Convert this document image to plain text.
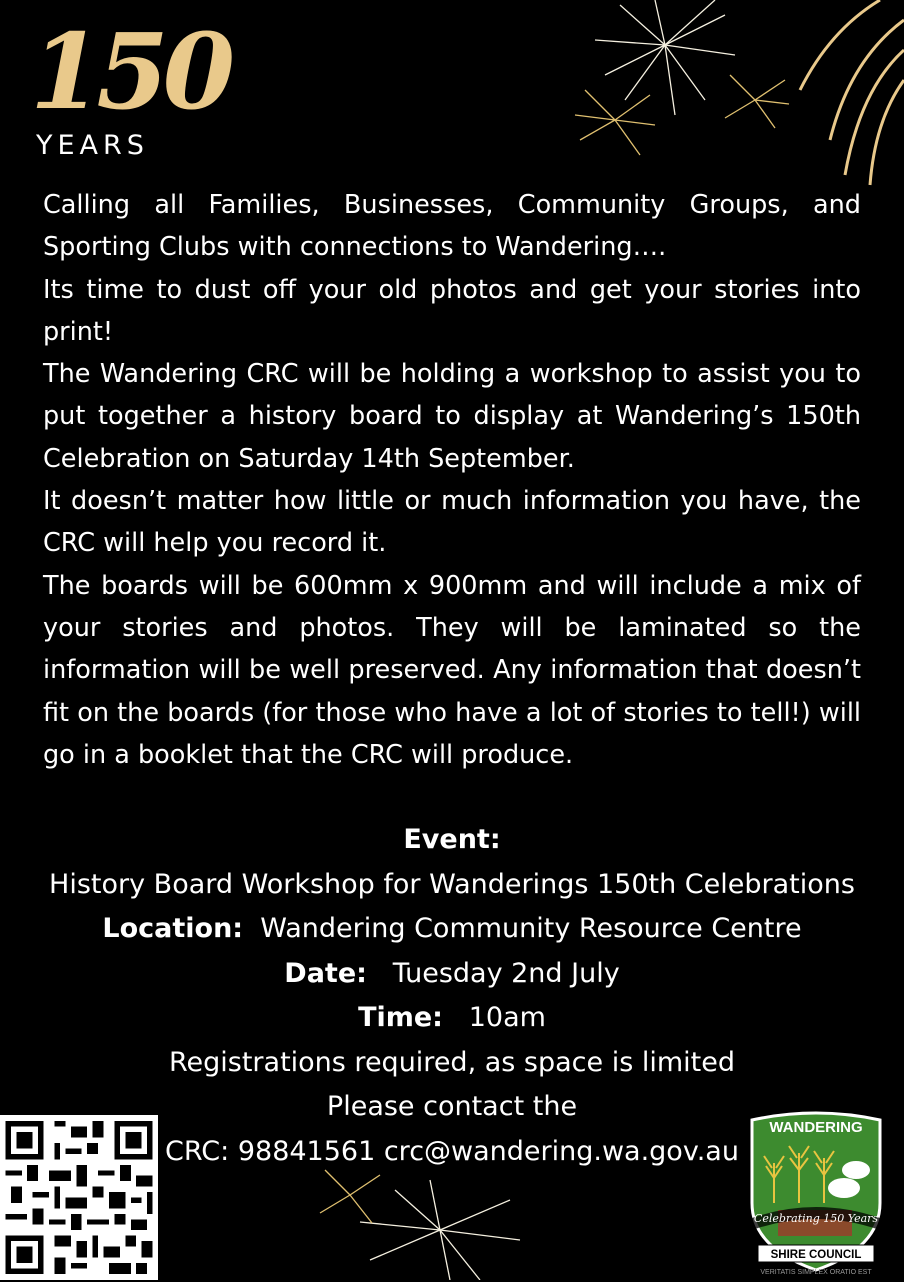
150
YEARS

Calling all Families, Businesses, Community Groups, and Sporting Clubs with connections to Wandering….

Its time to dust off your old photos and get your stories into print!

The Wandering CRC will be holding a workshop to assist you to put together a history board to display at Wandering’s 150th Celebration on Saturday 14th September.

It doesn’t matter how little or much information you have, the CRC will help you record it.

The boards will be 600mm x 900mm and will include a mix of your stories and photos. They will be laminated so the information will be well preserved. Any information that doesn’t fit on the boards (for those who have a lot of stories to tell!) will go in a booklet that the CRC will produce.

Event:
History Board Workshop for Wanderings 150th Celebrations
Location: Wandering Community Resource Centre
Date: Tuesday 2nd July
Time: 10am
Registrations required, as space is limited
Please contact the
CRC: 98841561 crc@wandering.wa.gov.au
WANDERING
Celebrating 150 Years
SHIRE COUNCIL
VERITATIS SIMPLEX ORATIO EST
